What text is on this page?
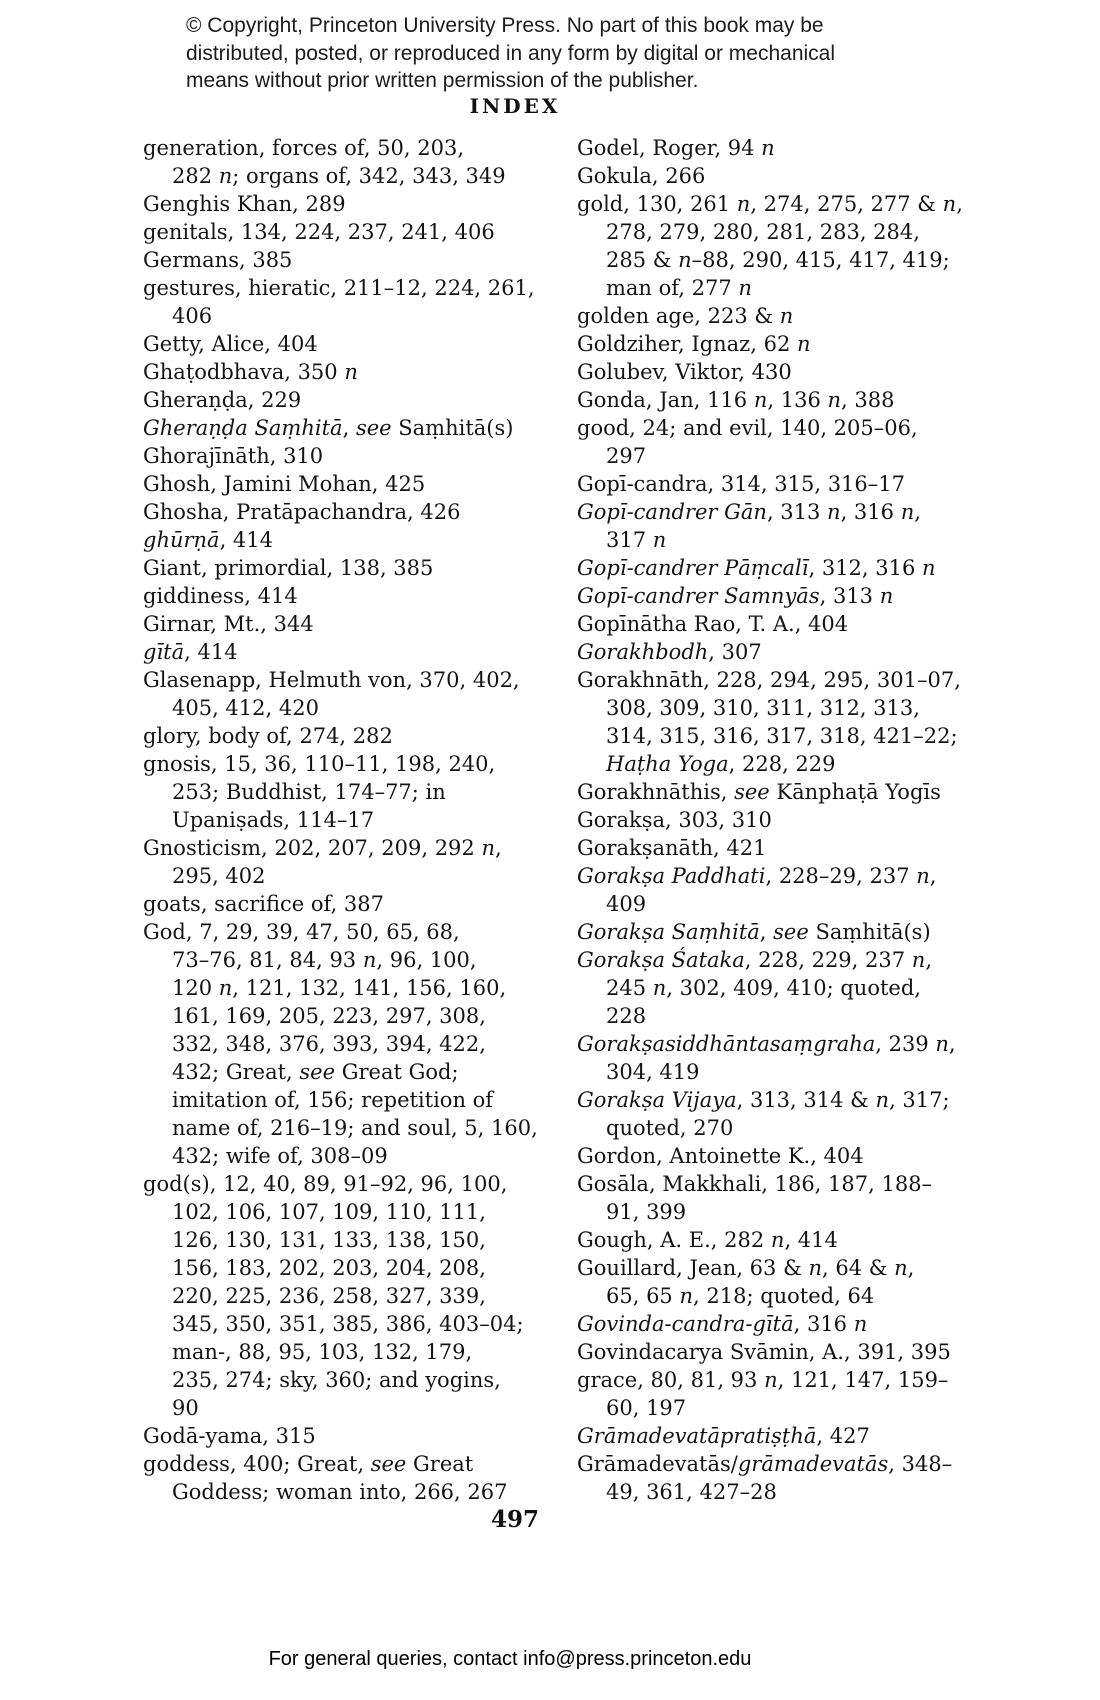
© Copyright, Princeton University Press. No part of this book may be
distributed, posted, or reproduced in any form by digital or mechanical
means without prior written permission of the publisher.
INDEX
generation, forces of, 50, 203,
282 n; organs of, 342, 343, 349
Genghis Khan, 289
genitals, 134, 224, 237, 241, 406
Germans, 385
gestures, hieratic, 211–12, 224, 261,
406
Getty, Alice, 404
Ghaṭodbhava, 350 n
Gheraṇḍa, 229
Gheraṇḍa Saṃhitā, see Saṃhitā(s)
Ghorajīnāth, 310
Ghosh, Jamini Mohan, 425
Ghosha, Pratāpachandra, 426
ghūrṇā, 414
Giant, primordial, 138, 385
giddiness, 414
Girnar, Mt., 344
gītā, 414
Glasenapp, Helmuth von, 370, 402,
405, 412, 420
glory, body of, 274, 282
gnosis, 15, 36, 110–11, 198, 240,
253; Buddhist, 174–77; in
Upaniṣads, 114–17
Gnosticism, 202, 207, 209, 292 n,
295, 402
goats, sacrifice of, 387
God, 7, 29, 39, 47, 50, 65, 68,
73–76, 81, 84, 93 n, 96, 100,
120 n, 121, 132, 141, 156, 160,
161, 169, 205, 223, 297, 308,
332, 348, 376, 393, 394, 422,
432; Great, see Great God;
imitation of, 156; repetition of
name of, 216–19; and soul, 5, 160,
432; wife of, 308–09
god(s), 12, 40, 89, 91–92, 96, 100,
102, 106, 107, 109, 110, 111,
126, 130, 131, 133, 138, 150,
156, 183, 202, 203, 204, 208,
220, 225, 236, 258, 327, 339,
345, 350, 351, 385, 386, 403–04;
man-, 88, 95, 103, 132, 179,
235, 274; sky, 360; and yogins,
90
Godā-yama, 315
goddess, 400; Great, see Great
Goddess; woman into, 266, 267
Godel, Roger, 94 n
Gokula, 266
gold, 130, 261 n, 274, 275, 277 & n,
278, 279, 280, 281, 283, 284,
285 & n–88, 290, 415, 417, 419;
man of, 277 n
golden age, 223 & n
Goldziher, Ignaz, 62 n
Golubev, Viktor, 430
Gonda, Jan, 116 n, 136 n, 388
good, 24; and evil, 140, 205–06,
297
Gopī-candra, 314, 315, 316–17
Gopī-candrer Gān, 313 n, 316 n,
317 n
Gopī-candrer Pāṃcalī, 312, 316 n
Gopī-candrer Samnyās, 313 n
Gopīnātha Rao, T. A., 404
Gorakhbodh, 307
Gorakhnāth, 228, 294, 295, 301–07,
308, 309, 310, 311, 312, 313,
314, 315, 316, 317, 318, 421–22;
Haṭha Yoga, 228, 229
Gorakhnāthis, see Kānphaṭā Yogīs
Gorakṣa, 303, 310
Gorakṣanāth, 421
Gorakṣa Paddhati, 228–29, 237 n,
409
Gorakṣa Saṃhitā, see Saṃhitā(s)
Gorakṣa Śataka, 228, 229, 237 n,
245 n, 302, 409, 410; quoted,
228
Gorakṣasiddhāntasaṃgraha, 239 n,
304, 419
Gorakṣa Vijaya, 313, 314 & n, 317;
quoted, 270
Gordon, Antoinette K., 404
Gosāla, Makkhali, 186, 187, 188–
91, 399
Gough, A. E., 282 n, 414
Gouillard, Jean, 63 & n, 64 & n,
65, 65 n, 218; quoted, 64
Govinda-candra-gītā, 316 n
Govindacarya Svāmin, A., 391, 395
grace, 80, 81, 93 n, 121, 147, 159–
60, 197
Grāmadevatāpratiṣṭhā, 427
Grāmadevatās/grāmadevatās, 348–
49, 361, 427–28
497
For general queries, contact info@press.princeton.edu
